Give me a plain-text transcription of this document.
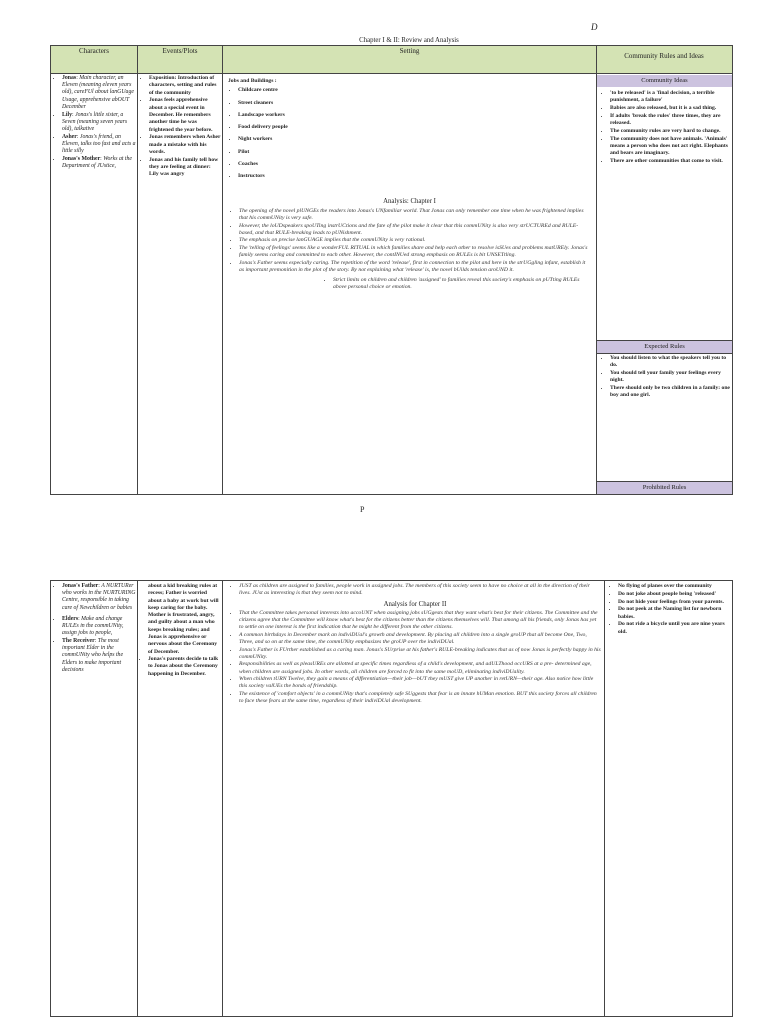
D
Chapter I & II: Review and Analysis
Characters	Events/Plots	Setting
Community Rules and Ideas
• Jonas: Main character, an Eleven (meaning eleven years old), careFUl about lanGUage Usage, apprehensive abOUT December
• Lily: Jonas's little sister, a Seven (meaning seven years old), talkative
• Asher: Jonas's friend, an Eleven, talks too fast and acts a little silly
• Jonas's Mother: Works at the Department of JUstice,
• Exposition: Introduction of characters, setting and rules of the community
• Jonas feels apprehensive about a special event in December. He remembers another time he was frightened the year before.
• Jonas remembers when Asher made a mistake with his words.
• Jonas and his family tell how they are feeling at dinner: Lily was angry
Jobs and Buildings :
• Childcare centre
• Street cleaners
• Landscape workers
• Food delivery people
• Night workers
• Pilot
• Coaches
• Instructors
Analysis: Chapter I
• The opening of the novel plUNGEs the readers into Jonas's UNfamiliar world. That Jonas can only remember one time when he was frightened implies that his commUNity is very safe.
• However, the loUDspeakers spoUTing instrUCtions and the fate of the pilot make it clear that this commUNity is also very strUCTUREd and RULE-based, and that RULE-breaking leads to pUNishment.
• The emphasis on precise lanGUAGE implies that the commUNity is very rational.
• The 'telling of feelings' seems like a wonderFUL RITUAL in which families share and help each other to resolve isSUes and problems matUREly. Jonas's family seems caring and committed to each other. However, the contINUed strong emphasis on RULEs is bit UNSETtling.
• Jonas's Father seems especially caring. The repetition of the word 'release', first in connection to the pilot and here in the strUGgling infant, establish it as important premonition in the plot of the story. By not explaining what 'release' is, the novel bUilds tension aroUND it.
• Strict limits on children and children 'assigned' to families reveal this society's emphasis on pUTting RULEs above personal choice or emotion.
Community Ideas
• 'to be released' is a 'final decision, a terrible punishment, a failure'
• Babies are also released, but it is a sad thing.
• If adults 'break the rules' three times, they are released.
• The community rules are very hard to change.
• The community does not have animals. 'Animals' means a person who does not act right. Elephants and bears are imaginary.
• There are other communities that come to visit.
Expected Rules
• You should listen to what the speakers tell you to do.
• You should tell your family your feelings every night.
• There should only be two children in a family: one boy and one girl.
Prohibited Rules
P
• Jonas's Father: A NURTURer who works in the NURTURING Centre, responsible in taking care of Newchildren or babies
• Elders: Make and change RULEs in the commUNity, assign jobs to people,
• The Receiver: The most important Elder in the commUNity who helps the Elders to make important decisions
about a kid breaking rules at recess; Father is worried about a baby at work but will keep caring for the baby. Mother is frustrated, angry, and guilty about a man who keeps breaking rules; and Jonas is apprehensive or nervous about the Ceremony of December.
• Jonas's parents decide to talk to Jonas about the Ceremony happening in December.
• JUST as children are assigned to families, people work in assigned jobs. The members of this society seem to have no choice at all in the direction of their lives. JUst as interesting is that they seem not to mind.
Analysis for Chapter II
• That the Committee takes personal interests into accoUNT when assigning jobs sUGgests that they want what's best for their citizens. The Committee and the citizens agree that the Committee will know what's best for the citizens better than the citizens themselves will. That among all his friends, only Jonas has yet to settle on one interest is the first indication that he might be different from the other citizens.
• A common birthdays in December mark an indiviDUal's growth and development. By placing all children into a single groUP that all become One, Two, Three, and so on at the same time, the commUNity emphasizes the groUP over the indiviDUal.
• Jonas's Father is FUrther established as a caring man. Jonas's SUrprise at his father's RULE-breaking indicates that as of now Jonas is perfectly happy in his commUNity.
• Responsibilities as well as pleasUREs are allotted at specific times regardless of a child's development, and adULThood occURS at a pre- determined age, when children are assigned jobs. In other words, all children are forced to fit into the same moUD, eliminating indiviDUality.
• When children tURN Twelve, they gain a means of differentiation—their job—bUT they mUST give UP another in retURN—their age. Also notice how little this society valUEs the bonds of friendship.
• The existence of 'comfort objects' in a commUNity that's completely safe SUggests that fear is an innate hUMan emotion. BUT this society forces all children to face these fears at the same time, regardless of their indiviDUal development.
• No flying of planes over the community
• Do not joke about people being 'released'
• Do not hide your feelings from your parents.
• Do not peek at the Naming list for newborn babies.
• Do not ride a bicycle until you are nine years old.
